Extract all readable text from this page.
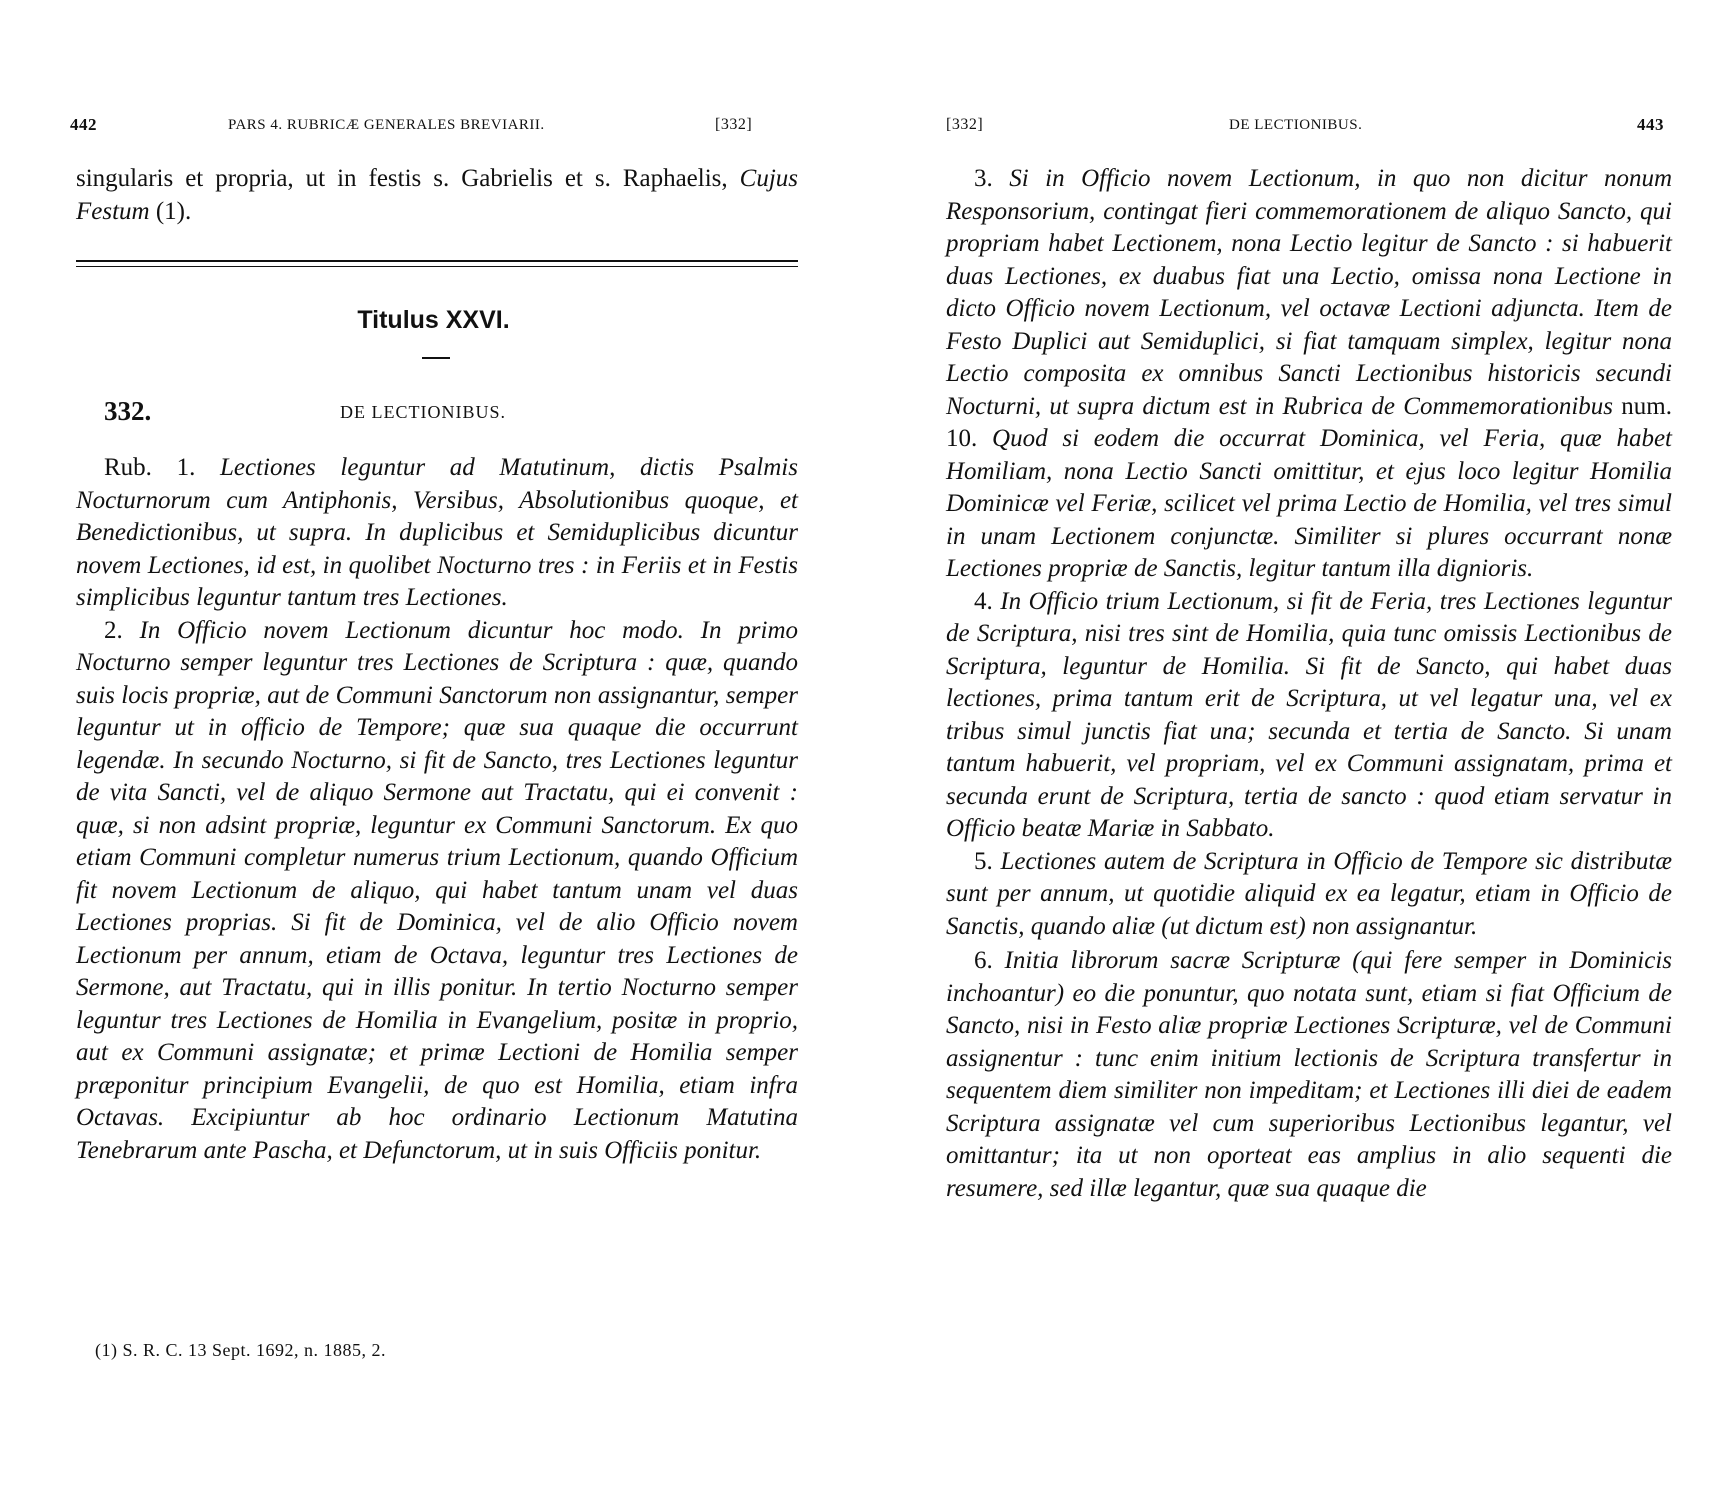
442	PARS 4. RUBRICÆ GENERALES BREVIARII.	[332]

singularis et propria, ut in festis s. Gabrielis et s. Raphaelis, Cujus Festum (1).

Titulus XXVI.
332.	DE LECTIONIBUS.

Rub. 1. Lectiones leguntur ad Matutinum, dictis Psalmis Nocturnorum cum Antiphonis, Versibus, Absolutionibus quoque, et Benedictionibus, ut supra. In duplicibus et Semiduplicibus dicuntur novem Lectiones, id est, in quolibet Nocturno tres : in Feriis et in Festis simplicibus leguntur tantum tres Lectiones.

2. In Officio novem Lectionum dicuntur hoc modo. In primo Nocturno semper leguntur tres Lectiones de Scriptura : quæ, quando suis locis propriæ, aut de Communi Sanctorum non assignantur, semper leguntur ut in officio de Tempore; quæ sua quaque die occurrunt legendæ. In secundo Nocturno, si fit de Sancto, tres Lectiones leguntur de vita Sancti, vel de aliquo Sermone aut Tractatu, qui ei convenit : quæ, si non adsint propriæ, leguntur ex Communi Sanctorum. Ex quo etiam Communi completur numerus trium Lectionum, quando Officium fit novem Lectionum de aliquo, qui habet tantum unam vel duas Lectiones proprias. Si fit de Dominica, vel de alio Officio novem Lectionum per annum, etiam de Octava, leguntur tres Lectiones de Sermone, aut Tractatu, qui in illis ponitur. In tertio Nocturno semper leguntur tres Lectiones de Homilia in Evangelium, positæ in proprio, aut ex Communi assignatæ; et primæ Lectioni de Homilia semper præponitur principium Evangelii, de quo est Homilia, etiam infra Octavas. Excipiuntur ab hoc ordinario Lectionum Matutina Tenebrarum ante Pascha, et Defunctorum, ut in suis Officiis ponitur.

(1) S. R. C. 13 Sept. 1692, n. 1885, 2.
[332]	DE LECTIONIBUS.	443

3. Si in Officio novem Lectionum, in quo non dicitur nonum Responsorium, contingat fieri commemorationem de aliquo Sancto, qui propriam habet Lectionem, nona Lectio legitur de Sancto : si habuerit duas Lectiones, ex duabus fiat una Lectio, omissa nona Lectione in dicto Officio novem Lectionum, vel octavæ Lectioni adjuncta. Item de Festo Duplici aut Semiduplici, si fiat tamquam simplex, legitur nona Lectio composita ex omnibus Sancti Lectionibus historicis secundi Nocturni, ut supra dictum est in Rubrica de Commemorationibus num. 10. Quod si eodem die occurrat Dominica, vel Feria, quæ habet Homiliam, nona Lectio Sancti omittitur, et ejus loco legitur Homilia Dominicæ vel Feriæ, scilicet vel prima Lectio de Homilia, vel tres simul in unam Lectionem conjunctæ. Similiter si plures occurrant nonæ Lectiones propriæ de Sanctis, legitur tantum illa dignioris.

4. In Officio trium Lectionum, si fit de Feria, tres Lectiones leguntur de Scriptura, nisi tres sint de Homilia, quia tunc omissis Lectionibus de Scriptura, leguntur de Homilia. Si fit de Sancto, qui habet duas lectiones, prima tantum erit de Scriptura, ut vel legatur una, vel ex tribus simul junctis fiat una; secunda et tertia de Sancto. Si unam tantum habuerit, vel propriam, vel ex Communi assignatam, prima et secunda erunt de Scriptura, tertia de sancto : quod etiam servatur in Officio beatæ Mariæ in Sabbato.

5. Lectiones autem de Scriptura in Officio de Tempore sic distributæ sunt per annum, ut quotidie aliquid ex ea legatur, etiam in Officio de Sanctis, quando aliæ (ut dictum est) non assignantur.

6. Initia librorum sacræ Scripturæ (qui fere semper in Dominicis inchoantur) eo die ponuntur, quo notata sunt, etiam si fiat Officium de Sancto, nisi in Festo aliæ propriæ Lectiones Scripturæ, vel de Communi assignentur : tunc enim initium lectionis de Scriptura transfertur in sequentem diem similiter non impeditam; et Lectiones illi diei de eadem Scriptura assignatæ vel cum superioribus Lectionibus legantur, vel omittantur; ita ut non oporteat eas amplius in alio sequenti die resumere, sed illæ legantur, quæ sua quaque die
